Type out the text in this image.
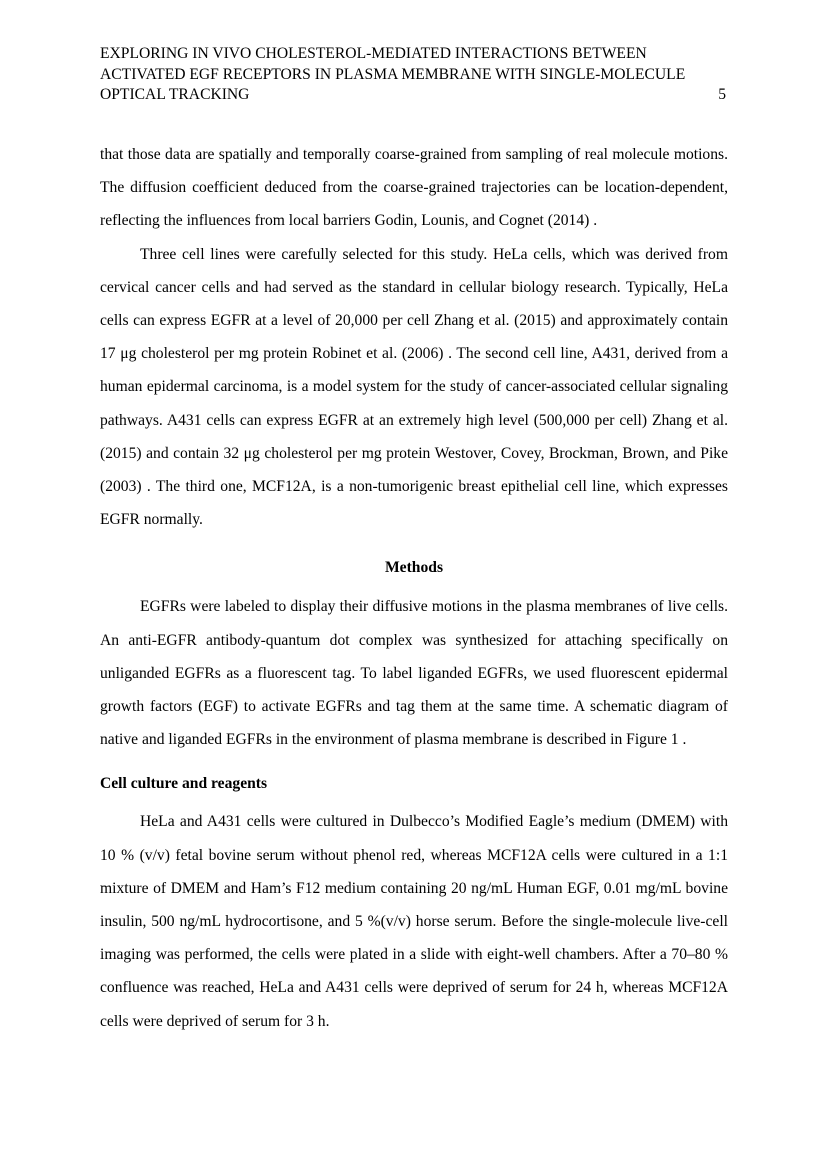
EXPLORING IN VIVO CHOLESTEROL-MEDIATED INTERACTIONS BETWEEN
ACTIVATED EGF RECEPTORS IN PLASMA MEMBRANE WITH SINGLE-MOLECULE
OPTICAL TRACKING	5

that those data are spatially and temporally coarse-grained from sampling of real molecule motions. The diffusion coefficient deduced from the coarse-grained trajectories can be location-dependent, reflecting the influences from local barriers Godin, Lounis, and Cognet (2014) .

Three cell lines were carefully selected for this study. HeLa cells, which was derived from cervical cancer cells and had served as the standard in cellular biology research. Typically, HeLa cells can express EGFR at a level of 20,000 per cell Zhang et al. (2015) and approximately contain 17 μg cholesterol per mg protein Robinet et al. (2006) . The second cell line, A431, derived from a human epidermal carcinoma, is a model system for the study of cancer-associated cellular signaling pathways. A431 cells can express EGFR at an extremely high level (500,000 per cell) Zhang et al. (2015) and contain 32 μg cholesterol per mg protein Westover, Covey, Brockman, Brown, and Pike (2003) . The third one, MCF12A, is a non-tumorigenic breast epithelial cell line, which expresses EGFR normally.

Methods

EGFRs were labeled to display their diffusive motions in the plasma membranes of live cells. An anti-EGFR antibody-quantum dot complex was synthesized for attaching specifically on unliganded EGFRs as a fluorescent tag. To label liganded EGFRs, we used fluorescent epidermal growth factors (EGF) to activate EGFRs and tag them at the same time. A schematic diagram of native and liganded EGFRs in the environment of plasma membrane is described in Figure 1 .

Cell culture and reagents

HeLa and A431 cells were cultured in Dulbecco’s Modified Eagle’s medium (DMEM) with 10 % (v/v) fetal bovine serum without phenol red, whereas MCF12A cells were cultured in a 1:1 mixture of DMEM and Ham’s F12 medium containing 20 ng/mL Human EGF, 0.01 mg/mL bovine insulin, 500 ng/mL hydrocortisone, and 5 %(v/v) horse serum. Before the single-molecule live-cell imaging was performed, the cells were plated in a slide with eight-well chambers. After a 70–80 % confluence was reached, HeLa and A431 cells were deprived of serum for 24 h, whereas MCF12A cells were deprived of serum for 3 h.
